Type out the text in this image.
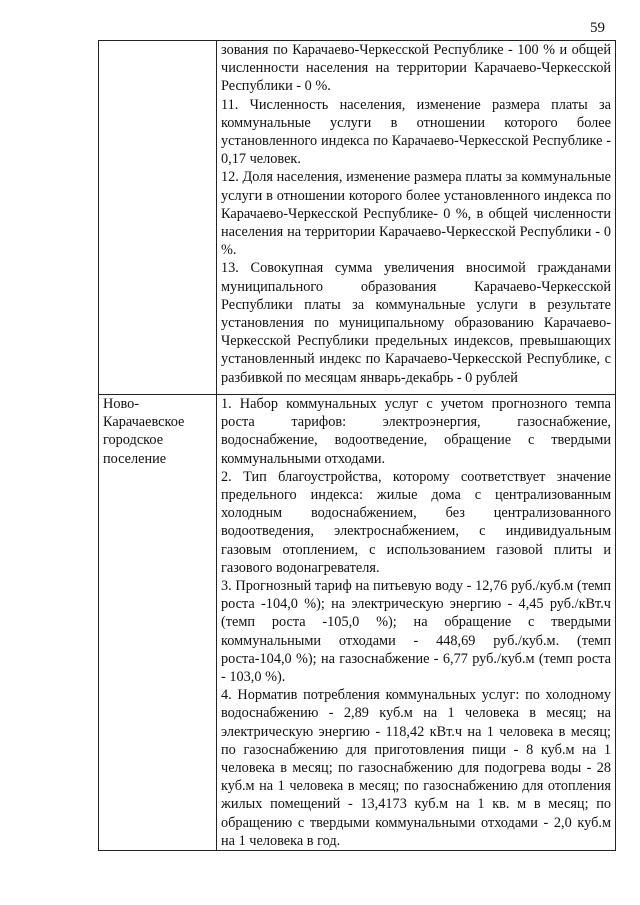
59

	зования по Карачаево-Черкесской Республике - 100 % и общей численности населения на территории Карачаево-Черкесской Республики - 0 %.

11. Численность населения, изменение размера платы за коммунальные услуги в отношении которого более установленного индекса по Карачаево-Черкесской Республике - 0,17 человек.

12. Доля населения, изменение размера платы за коммунальные услуги в отношении которого более установленного индекса по Карачаево-Черкесской Республике- 0 %, в общей численности населения на территории Карачаево-Черкесской Республики - 0 %.

13. Совокупная сумма увеличения вносимой гражданами муниципального образования Карачаево-Черкесской Республики платы за коммунальные услуги в результате установления по муниципальному образованию Карачаево-Черкесской Республики предельных индексов, превышающих установленный индекс по Карачаево-Черкесской Республике, с разбивкой по месяцам январь-декабрь - 0 рублей

Ново-Карачаевское городское поселение	1. Набор коммунальных услуг с учетом прогнозного темпа роста тарифов: электроэнергия, газоснабжение, водоснабжение, водоотведение, обращение с твердыми коммунальными отходами.

2. Тип благоустройства, которому соответствует значение предельного индекса: жилые дома с централизованным холодным водоснабжением, без централизованного водоотведения, электроснабжением, с индивидуальным газовым отоплением, с использованием газовой плиты и газового водонагревателя.

3. Прогнозный тариф на питьевую воду - 12,76 руб./куб.м (темп роста -104,0 %); на электрическую энергию - 4,45 руб./кВт.ч (темп роста -105,0 %); на обращение с твердыми коммунальными отходами - 448,69 руб./куб.м. (темп роста-104,0 %); на газоснабжение - 6,77 руб./куб.м (темп роста - 103,0 %).

4. Норматив потребления коммунальных услуг: по холодному водоснабжению - 2,89 куб.м на 1 человека в месяц; на электрическую энергию - 118,42 кВт.ч на 1 человека в месяц; по газоснабжению для приготовления пищи - 8 куб.м на 1 человека в месяц; по газоснабжению для подогрева воды - 28 куб.м на 1 человека в месяц; по газоснабжению для отопления жилых помещений - 13,4173 куб.м на 1 кв. м в месяц; по обращению с твердыми коммунальными отходами - 2,0 куб.м на 1 человека в год.
